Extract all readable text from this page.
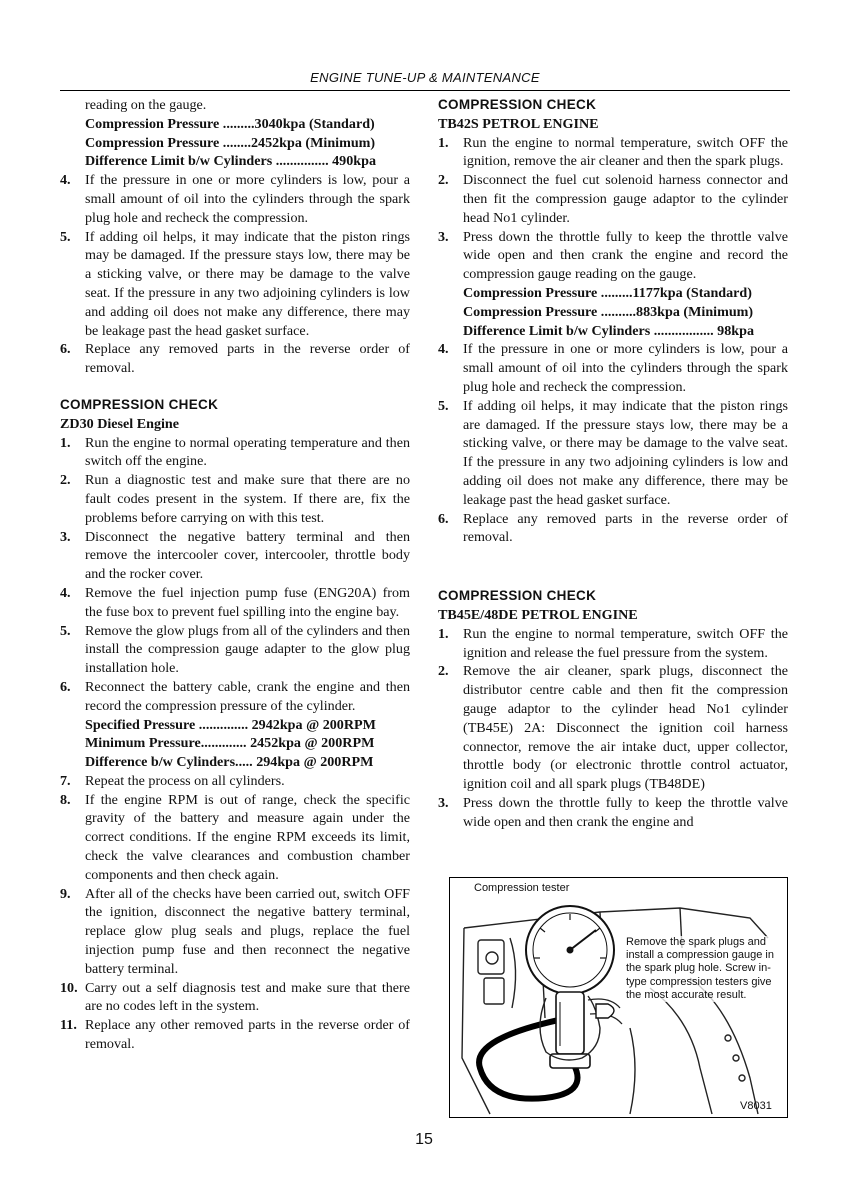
ENGINE TUNE-UP & MAINTENANCE
reading on the gauge.
Compression Pressure .........3040kpa (Standard)
Compression Pressure ........2452kpa (Minimum)
Difference Limit b/w Cylinders ............... 490kpa
4.	If the pressure in one or more cylinders is low, pour a small amount of oil into the cylinders through the spark plug hole and recheck the compression.
5.	If adding oil helps, it may indicate that the piston rings may be damaged. If the pressure stays low, there may be a sticking valve, or there may be damage to the valve seat. If the pressure in any two adjoining cylinders is low and adding oil does not make any difference, there may be leakage past the head gasket surface.
6.	Replace any removed parts in the reverse order of removal.
COMPRESSION CHECK
ZD30 Diesel Engine
1.	Run the engine to normal operating temperature and then switch off the engine.
2.	Run a diagnostic test and make sure that there are no fault codes present in the system. If there are, fix the problems before carrying on with this test.
3.	Disconnect the negative battery terminal and then remove the intercooler cover, intercooler, throttle body and the rocker cover.
4.	Remove the fuel injection pump fuse (ENG20A) from the fuse box to prevent fuel spilling into the engine bay.
5.	Remove the glow plugs from all of the cylinders and then install the compression gauge adapter to the glow plug installation hole.
6.	Reconnect the battery cable, crank the engine and then record the compression pressure of the cylinder.
Specified Pressure .............. 2942kpa @ 200RPM
Minimum Pressure............. 2452kpa @ 200RPM
Difference b/w Cylinders..... 294kpa @ 200RPM
7.	Repeat the process on all cylinders.
8.	If the engine RPM is out of range, check the specific gravity of the battery and measure again under the correct conditions. If the engine RPM exceeds its limit, check the valve clearances and combustion chamber components and then check again.
9.	After all of the checks have been carried out, switch OFF the ignition, disconnect the negative battery terminal, replace glow plug seals and plugs, replace the fuel injection pump fuse and then reconnect the negative battery terminal.
10. Carry out a self diagnosis test and make sure that there are no codes left in the system.
11. Replace any other removed parts in the reverse order of removal.
COMPRESSION CHECK
TB42S PETROL ENGINE
1.	Run the engine to normal temperature, switch OFF the ignition, remove the air cleaner and then the spark plugs.
2.	Disconnect the fuel cut solenoid harness connector and then fit the compression gauge adaptor to the cylinder head No1 cylinder.
3.	Press down the throttle fully to keep the throttle valve wide open and then crank the engine and record the compression gauge reading on the gauge.
Compression Pressure .........1177kpa (Standard)
Compression Pressure ..........883kpa (Minimum)
Difference Limit b/w Cylinders ................. 98kpa
4.	If the pressure in one or more cylinders is low, pour a small amount of oil into the cylinders through the spark plug hole and recheck the compression.
5.	If adding oil helps, it may indicate that the piston rings are damaged. If the pressure stays low, there may be a sticking valve, or there may be damage to the valve seat. If the pressure in any two adjoining cylinders is low and adding oil does not make any difference, there may be leakage past the head gasket surface.
6.	Replace any removed parts in the reverse order of removal.
COMPRESSION CHECK
TB45E/48DE PETROL ENGINE
1.	Run the engine to normal temperature, switch OFF the ignition and release the fuel pressure from the system.
2.	Remove the air cleaner, spark plugs, disconnect the distributor centre cable and then fit the compression gauge adaptor to the cylinder head No1 cylinder (TB45E) 2A: Disconnect the ignition coil harness connector, remove the air intake duct, upper collector, throttle body (or electronic throttle control actuator, ignition coil and all spark plugs (TB48DE)
3.	Press down the throttle fully to keep the throttle valve wide open and then crank the engine and
Compression tester
Remove the spark plugs and install a compression gauge in the spark plug hole. Screw in-type compression testers give the most accurate result.
V8031
15
